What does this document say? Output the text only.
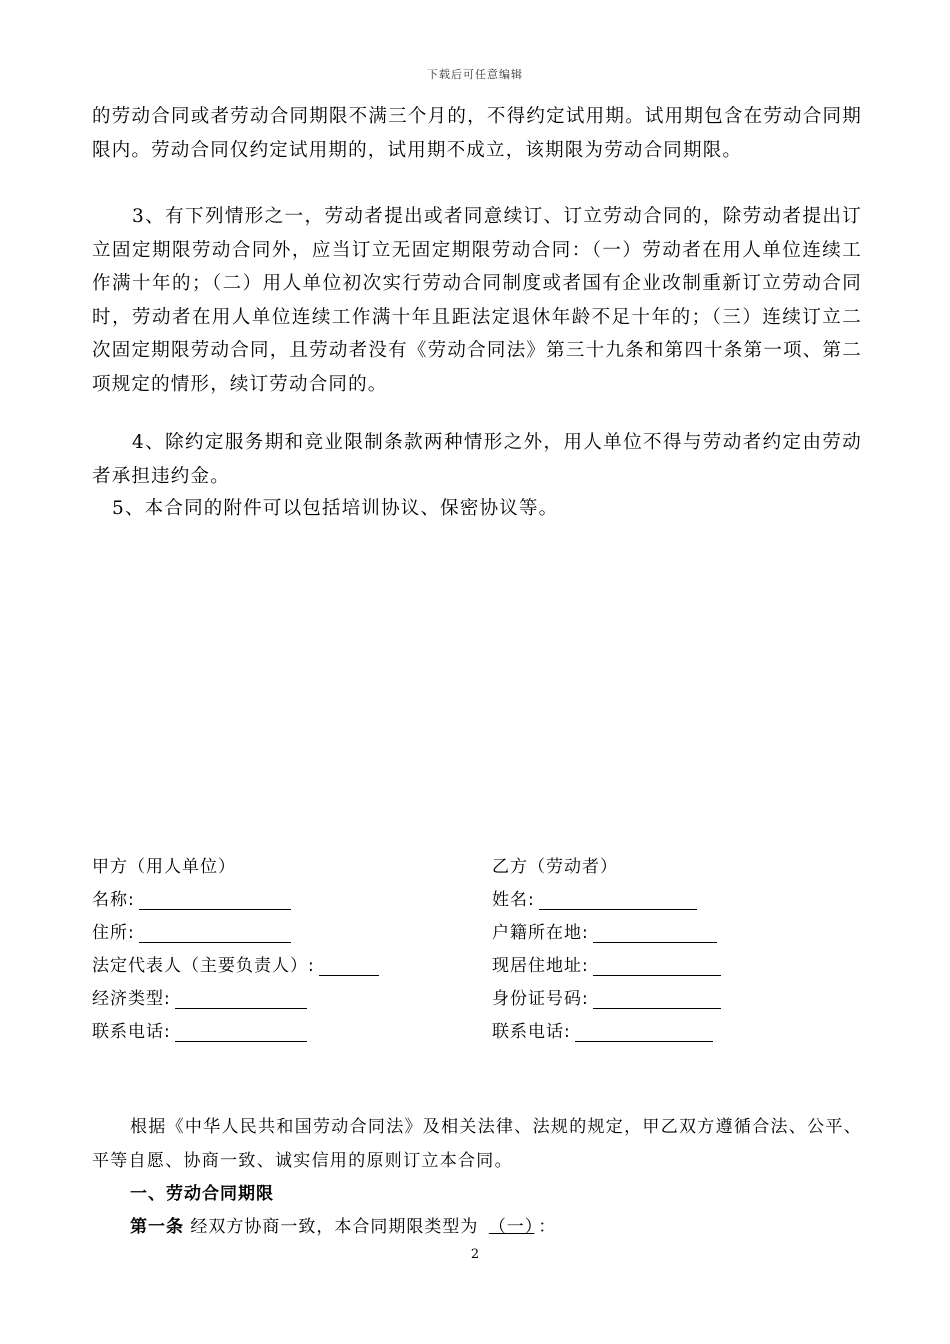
下载后可任意编辑

的劳动合同或者劳动合同期限不满三个月的，不得约定试用期。试用期包含在劳动合同期限内。劳动合同仅约定试用期的，试用期不成立，该期限为劳动合同期限。

3、有下列情形之一，劳动者提出或者同意续订、订立劳动合同的，除劳动者提出订立固定期限劳动合同外，应当订立无固定期限劳动合同：（一）劳动者在用人单位连续工作满十年的；（二）用人单位初次实行劳动合同制度或者国有企业改制重新订立劳动合同时，劳动者在用人单位连续工作满十年且距法定退休年龄不足十年的；（三）连续订立二次固定期限劳动合同，且劳动者没有《劳动合同法》第三十九条和第四十条第一项、第二项规定的情形，续订劳动合同的。

4、除约定服务期和竞业限制条款两种情形之外，用人单位不得与劳动者约定由劳动者承担违约金。

5、本合同的附件可以包括培训协议、保密协议等。

甲方（用人单位）
名称:
住所:
法定代表人（主要负责人）:
经济类型:
联系电话:
乙方（劳动者）
姓名:
户籍所在地:
现居住地址:
身份证号码:
联系电话:

根据《中华人民共和国劳动合同法》及相关法律、法规的规定，甲乙双方遵循合法、公平、平等自愿、协商一致、诚实信用的原则订立本合同。

一、劳动合同期限
第一条 经双方协商一致，本合同期限类型为 （一） ：
2
